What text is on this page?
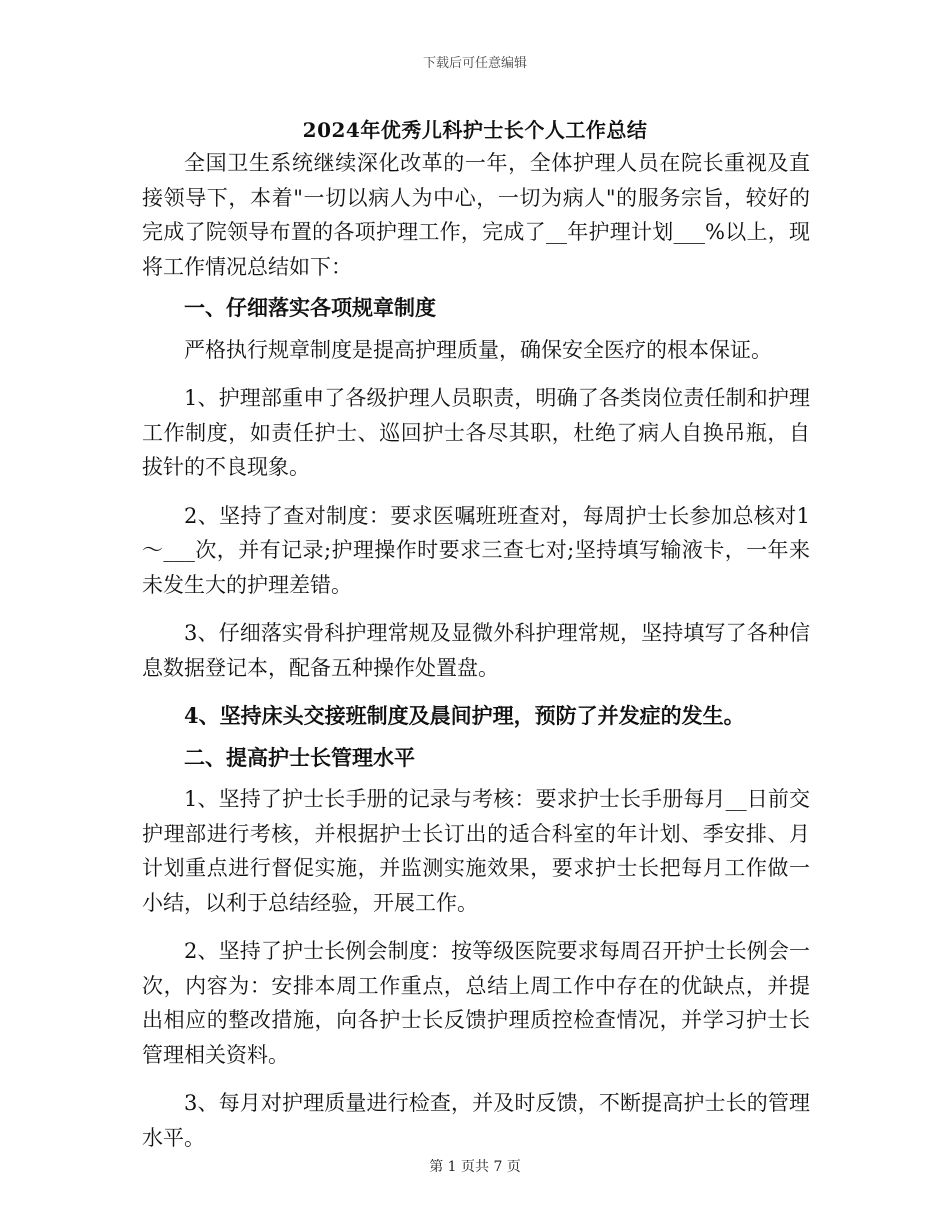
下载后可任意编辑
2024年优秀儿科护士长个人工作总结

全国卫生系统继续深化改革的一年，全体护理人员在院长重视及直接领导下，本着"一切以病人为中心，一切为病人"的服务宗旨，较好的完成了院领导布置的各项护理工作，完成了__年护理计划___%以上，现将工作情况总结如下：

一、仔细落实各项规章制度

严格执行规章制度是提高护理质量，确保安全医疗的根本保证。

1、护理部重申了各级护理人员职责，明确了各类岗位责任制和护理工作制度，如责任护士、巡回护士各尽其职，杜绝了病人自换吊瓶，自拔针的不良现象。

2、坚持了查对制度：要求医嘱班班查对，每周护士长参加总核对1～___次，并有记录;护理操作时要求三查七对;坚持填写输液卡，一年来未发生大的护理差错。

3、仔细落实骨科护理常规及显微外科护理常规，坚持填写了各种信息数据登记本，配备五种操作处置盘。

4、坚持床头交接班制度及晨间护理，预防了并发症的发生。

二、提高护士长管理水平

1、坚持了护士长手册的记录与考核：要求护士长手册每月__日前交护理部进行考核，并根据护士长订出的适合科室的年计划、季安排、月计划重点进行督促实施，并监测实施效果，要求护士长把每月工作做一小结，以利于总结经验，开展工作。

2、坚持了护士长例会制度：按等级医院要求每周召开护士长例会一次，内容为：安排本周工作重点，总结上周工作中存在的优缺点，并提出相应的整改措施，向各护士长反馈护理质控检查情况，并学习护士长管理相关资料。

3、每月对护理质量进行检查，并及时反馈，不断提高护士长的管理水平。

第 1 页共 7 页
